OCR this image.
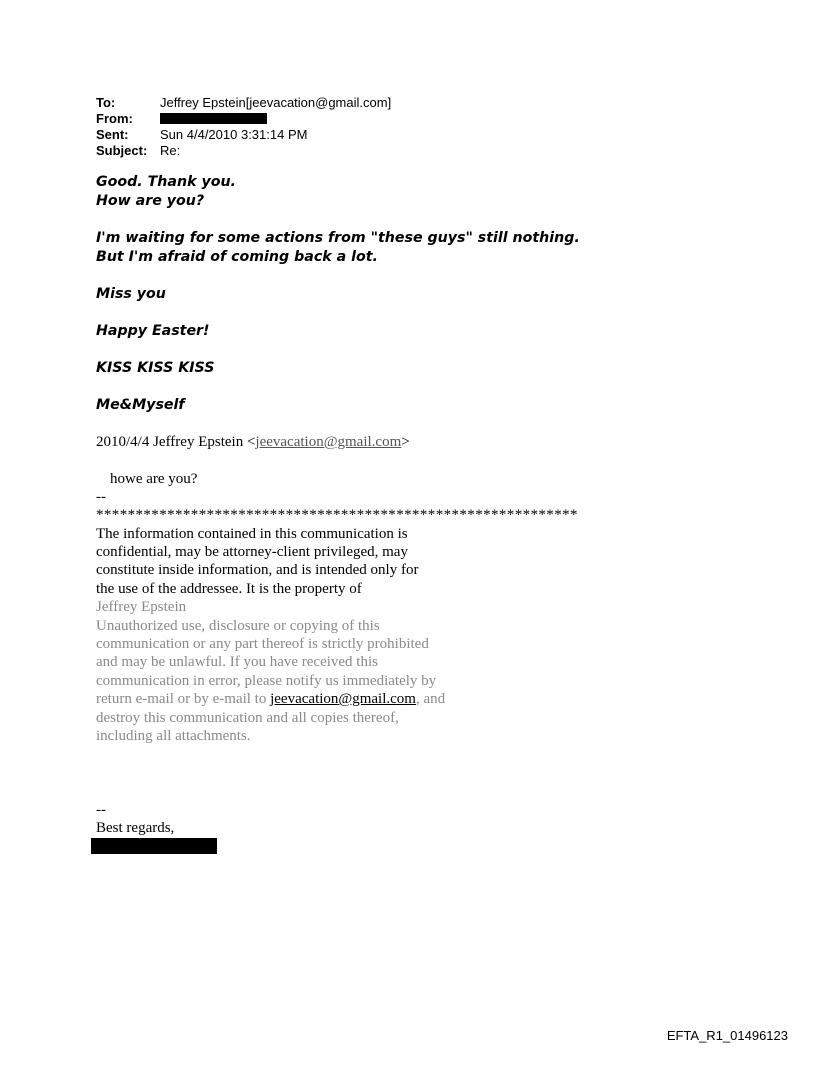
To:	Jeffrey Epstein[jeevacation@gmail.com]
From:
Sent:	Sun 4/4/2010 3:31:14 PM
Subject: Re:
Good. Thank you.
How are you?
I'm waiting for some actions from "these guys" still nothing.
But I'm afraid of coming back a lot.
Miss you
Happy Easter!
KISS KISS KISS
Me&Myself
2010/4/4 Jeffrey Epstein <jeevacation@gmail.com>
howe are you?
--
*************************************************************
The information contained in this communication is
confidential, may be attorney-client privileged, may
constitute inside information, and is intended only for
the use of the addressee. It is the property of
Jeffrey Epstein
Unauthorized use, disclosure or copying of this
communication or any part thereof is strictly prohibited
and may be unlawful. If you have received this
communication in error, please notify us immediately by
return e-mail or by e-mail to jeevacation@gmail.com, and
destroy this communication and all copies thereof,
including all attachments.
--
Best regards,
EFTA_R1_01496123
